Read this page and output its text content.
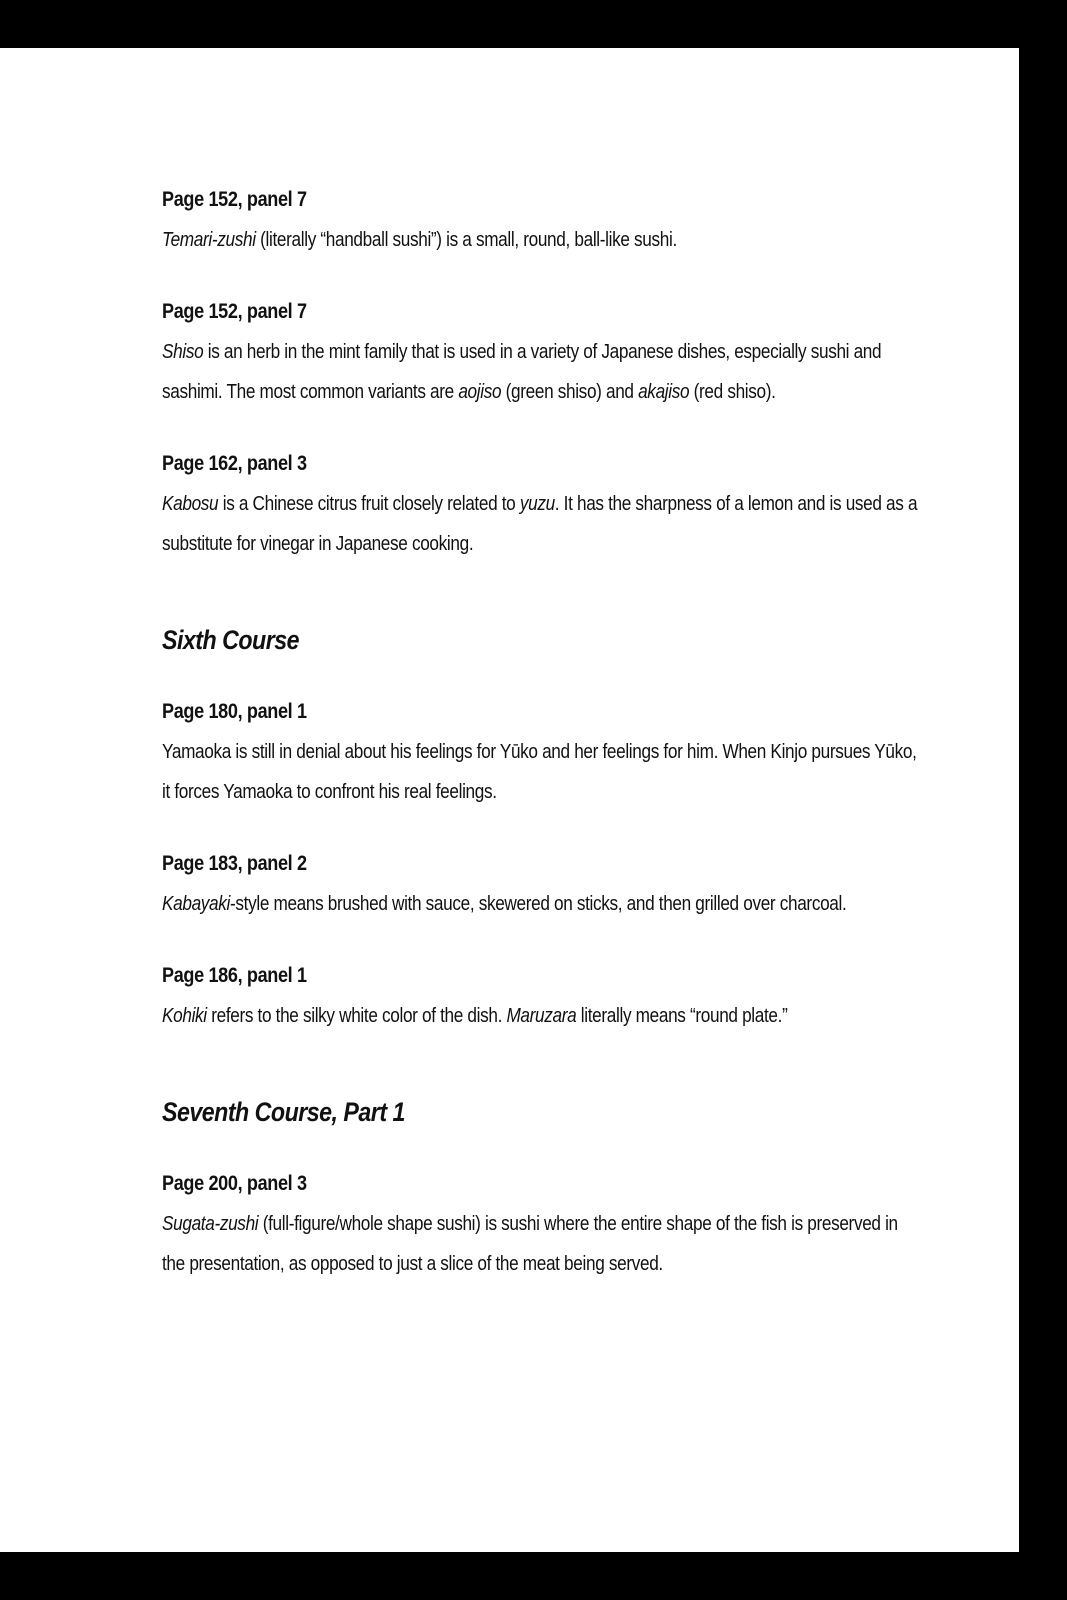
Page 152, panel 7

Temari-zushi (literally “handball sushi”) is a small, round, ball-like sushi.

Page 152, panel 7

Shiso is an herb in the mint family that is used in a variety of Japanese dishes, especially sushi and sashimi. The most common variants are aojiso (green shiso) and akajiso (red shiso).

Page 162, panel 3

Kabosu is a Chinese citrus fruit closely related to yuzu. It has the sharpness of a lemon and is used as a substitute for vinegar in Japanese cooking.

Sixth Course
Page 180, panel 1

Yamaoka is still in denial about his feelings for Yūko and her feelings for him. When Kinjo pursues Yūko, it forces Yamaoka to confront his real feelings.

Page 183, panel 2

Kabayaki-style means brushed with sauce, skewered on sticks, and then grilled over charcoal.

Page 186, panel 1

Kohiki refers to the silky white color of the dish. Maruzara literally means “round plate.”

Seventh Course, Part 1
Page 200, panel 3

Sugata-zushi (full-figure/whole shape sushi) is sushi where the entire shape of the fish is preserved in the presentation, as opposed to just a slice of the meat being served.
